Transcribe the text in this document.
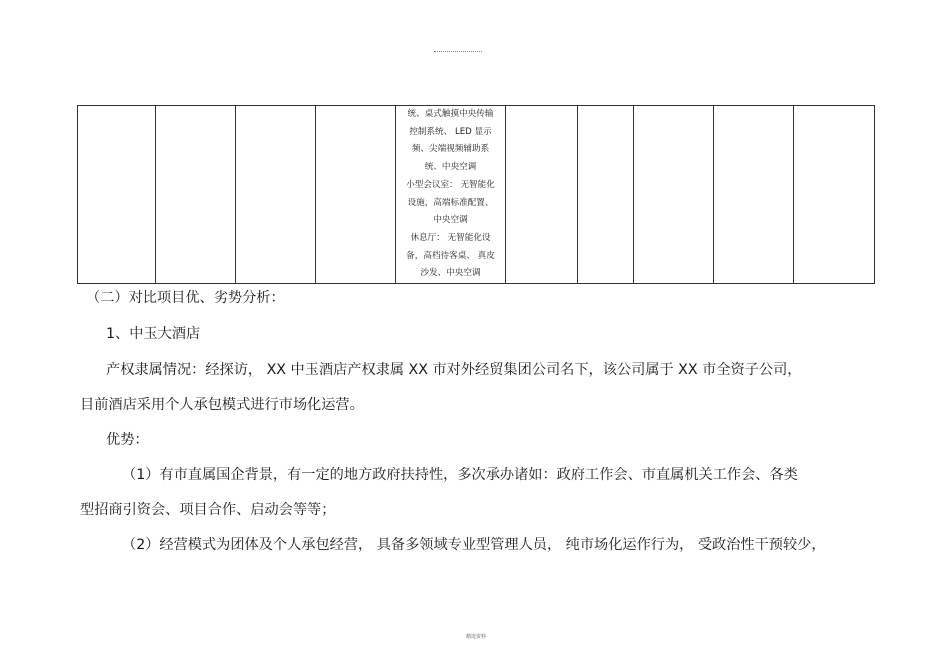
统、桌式触摸中央传输
控制系统、 LED 显示
频、尖端视频辅助系
统、中央空调
小型会议室： 无智能化
设施，高端标准配置、
中央空调
休息厅： 无智能化设
备，高档待客桌、 真皮
沙发、中央空调

（二）对比项目优、劣势分析：
1、中玉大酒店
产权隶属情况：经探访， XX 中玉酒店产权隶属 XX 市对外经贸集团公司名下，该公司属于 XX 市全资子公司，
目前酒店采用个人承包模式进行市场化运营。
优势：
（1）有市直属国企背景，有一定的地方政府扶持性，多次承办诸如：政府工作会、市直属机关工作会、各类
型招商引资会、项目合作、启动会等等；
（2）经营模式为团体及个人承包经营， 具备多领域专业型管理人员， 纯市场化运作行为， 受政治性干预较少，
精选资料
